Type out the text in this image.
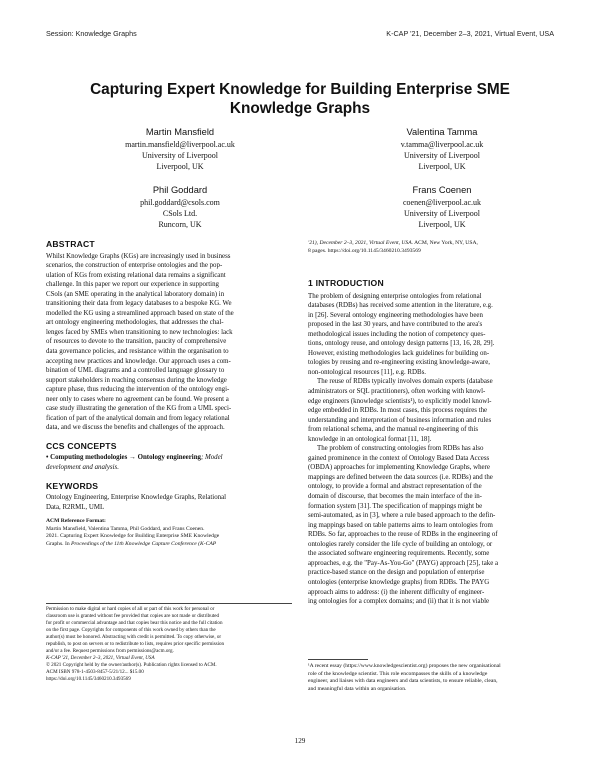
Session: Knowledge Graphs	K-CAP '21, December 2–3, 2021, Virtual Event, USA
Capturing Expert Knowledge for Building Enterprise SME
Knowledge Graphs
Martin Mansfield
martin.mansfield@liverpool.ac.uk
University of Liverpool
Liverpool, UK
Valentina Tamma
v.tamma@liverpool.ac.uk
University of Liverpool
Liverpool, UK
Phil Goddard
phil.goddard@csols.com
CSols Ltd.
Runcorn, UK
Frans Coenen
coenen@liverpool.ac.uk
University of Liverpool
Liverpool, UK
ABSTRACT
Whilst Knowledge Graphs (KGs) are increasingly used in business
scenarios, the construction of enterprise ontologies and the pop-
ulation of KGs from existing relational data remains a significant
challenge. In this paper we report our experience in supporting
CSols (an SME operating in the analytical laboratory domain) in
transitioning their data from legacy databases to a bespoke KG. We
modelled the KG using a streamlined approach based on state of the
art ontology engineering methodologies, that addresses the chal-
lenges faced by SMEs when transitioning to new technologies: lack
of resources to devote to the transition, paucity of comprehensive
data governance policies, and resistance within the organisation to
accepting new practices and knowledge. Our approach uses a com-
bination of UML diagrams and a controlled language glossary to
support stakeholders in reaching consensus during the knowledge
capture phase, thus reducing the intervention of the ontology engi-
neer only to cases where no agreement can be found. We present a
case study illustrating the generation of the KG from a UML speci-
fication of part of the analytical domain and from legacy relational
data, and we discuss the benefits and challenges of the approach.
CCS CONCEPTS
• Computing methodologies → Ontology engineering; Model
development and analysis.
KEYWORDS
Ontology Engineering, Enterprise Knowledge Graphs, Relational
Data, R2RML, UML
ACM Reference Format:
Martin Mansfield, Valentina Tamma, Phil Goddard, and Frans Coenen.
2021. Capturing Expert Knowledge for Building Enterprise SME Knowledge
Graphs. In Proceedings of the 11th Knowledge Capture Conference (K-CAP
Permission to make digital or hard copies of all or part of this work for personal or
classroom use is granted without fee provided that copies are not made or distributed
for profit or commercial advantage and that copies bear this notice and the full citation
on the first page. Copyrights for components of this work owned by others than the
author(s) must be honored. Abstracting with credit is permitted. To copy otherwise, or
republish, to post on servers or to redistribute to lists, requires prior specific permission
and/or a fee. Request permissions from permissions@acm.org.
K-CAP '21, December 2–3, 2021, Virtual Event, USA
© 2021 Copyright held by the owner/author(s). Publication rights licensed to ACM.
ACM ISBN 978-1-4503-8457-5/21/12... $15.00
https://doi.org/10.1145/3460210.3493569
'21), December 2–3, 2021, Virtual Event, USA. ACM, New York, NY, USA,
8 pages. https://doi.org/10.1145/3460210.3493569
1 INTRODUCTION
The problem of designing enterprise ontologies from relational
databases (RDBs) has received some attention in the literature, e.g.
in [26]. Several ontology engineering methodologies have been
proposed in the last 30 years, and have contributed to the area's
methodological issues including the notion of competency ques-
tions, ontology reuse, and ontology design patterns [13, 16, 28, 29].
However, existing methodologies lack guidelines for building on-
tologies by reusing and re-engineering existing knowledge-aware,
non-ontological resources [11], e.g. RDBs.
The reuse of RDBs typically involves domain experts (database
administrators or SQL practitioners), often working with knowl-
edge engineers (knowledge scientists¹), to explicitly model knowl-
edge embedded in RDBs. In most cases, this process requires the
understanding and interpretation of business information and rules
from relational schema, and the manual re-engineering of this
knowledge in an ontological format [11, 18].
The problem of constructing ontologies from RDBs has also
gained prominence in the context of Ontology Based Data Access
(OBDA) approaches for implementing Knowledge Graphs, where
mappings are defined between the data sources (i.e. RDBs) and the
ontology, to provide a formal and abstract representation of the
domain of discourse, that becomes the main interface of the in-
formation system [31]. The specification of mappings might be
semi-automated, as in [3], where a rule based approach to the defin-
ing mappings based on table patterns aims to learn ontologies from
RDBs. So far, approaches to the reuse of RDBs in the engineering of
ontologies rarely consider the life cycle of building an ontology, or
the associated software engineering requirements. Recently, some
approaches, e.g. the "Pay-As-You-Go" (PAYG) approach [25], take a
practice-based stance on the design and population of enterprise
ontologies (enterprise knowledge graphs) from RDBs. The PAYG
approach aims to address: (i) the inherent difficulty of engineer-
ing ontologies for a complex domains; and (ii) that it is not viable
¹A recent essay (https://www.knowledgescientist.org) proposes the new organisational
role of the knowledge scientist. This role encompasses the skills of a knowledge
engineer, and liaises with data engineers and data scientists, to ensure reliable, clean,
and meaningful data within an organisation.
129
